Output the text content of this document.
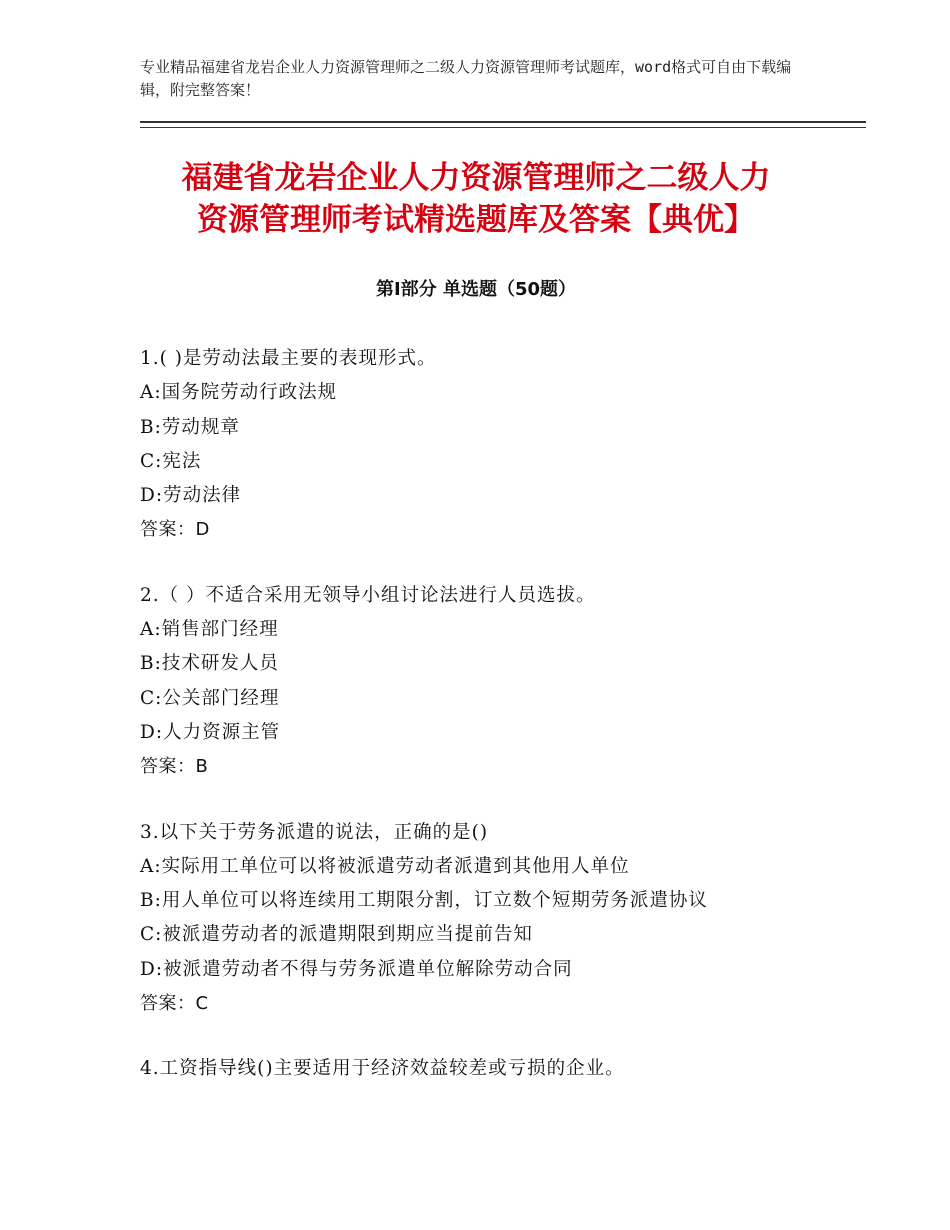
专业精品福建省龙岩企业人力资源管理师之二级人力资源管理师考试题库，word格式可自由下载编辑，附完整答案！
福建省龙岩企业人力资源管理师之二级人力
资源管理师考试精选题库及答案【典优】
第Ⅰ部分 单选题（50题）
1.( )是劳动法最主要的表现形式。
A:国务院劳动行政法规
B:劳动规章
C:宪法
D:劳动法律
答案：D
2.（ ）不适合采用无领导小组讨论法进行人员选拔。
A:销售部门经理
B:技术研发人员
C:公关部门经理
D:人力资源主管
答案：B
3.以下关于劳务派遣的说法，正确的是()
A:实际用工单位可以将被派遣劳动者派遣到其他用人单位
B:用人单位可以将连续用工期限分割，订立数个短期劳务派遣协议
C:被派遣劳动者的派遣期限到期应当提前告知
D:被派遣劳动者不得与劳务派遣单位解除劳动合同
答案：C
4.工资指导线()主要适用于经济效益较差或亏损的企业。
